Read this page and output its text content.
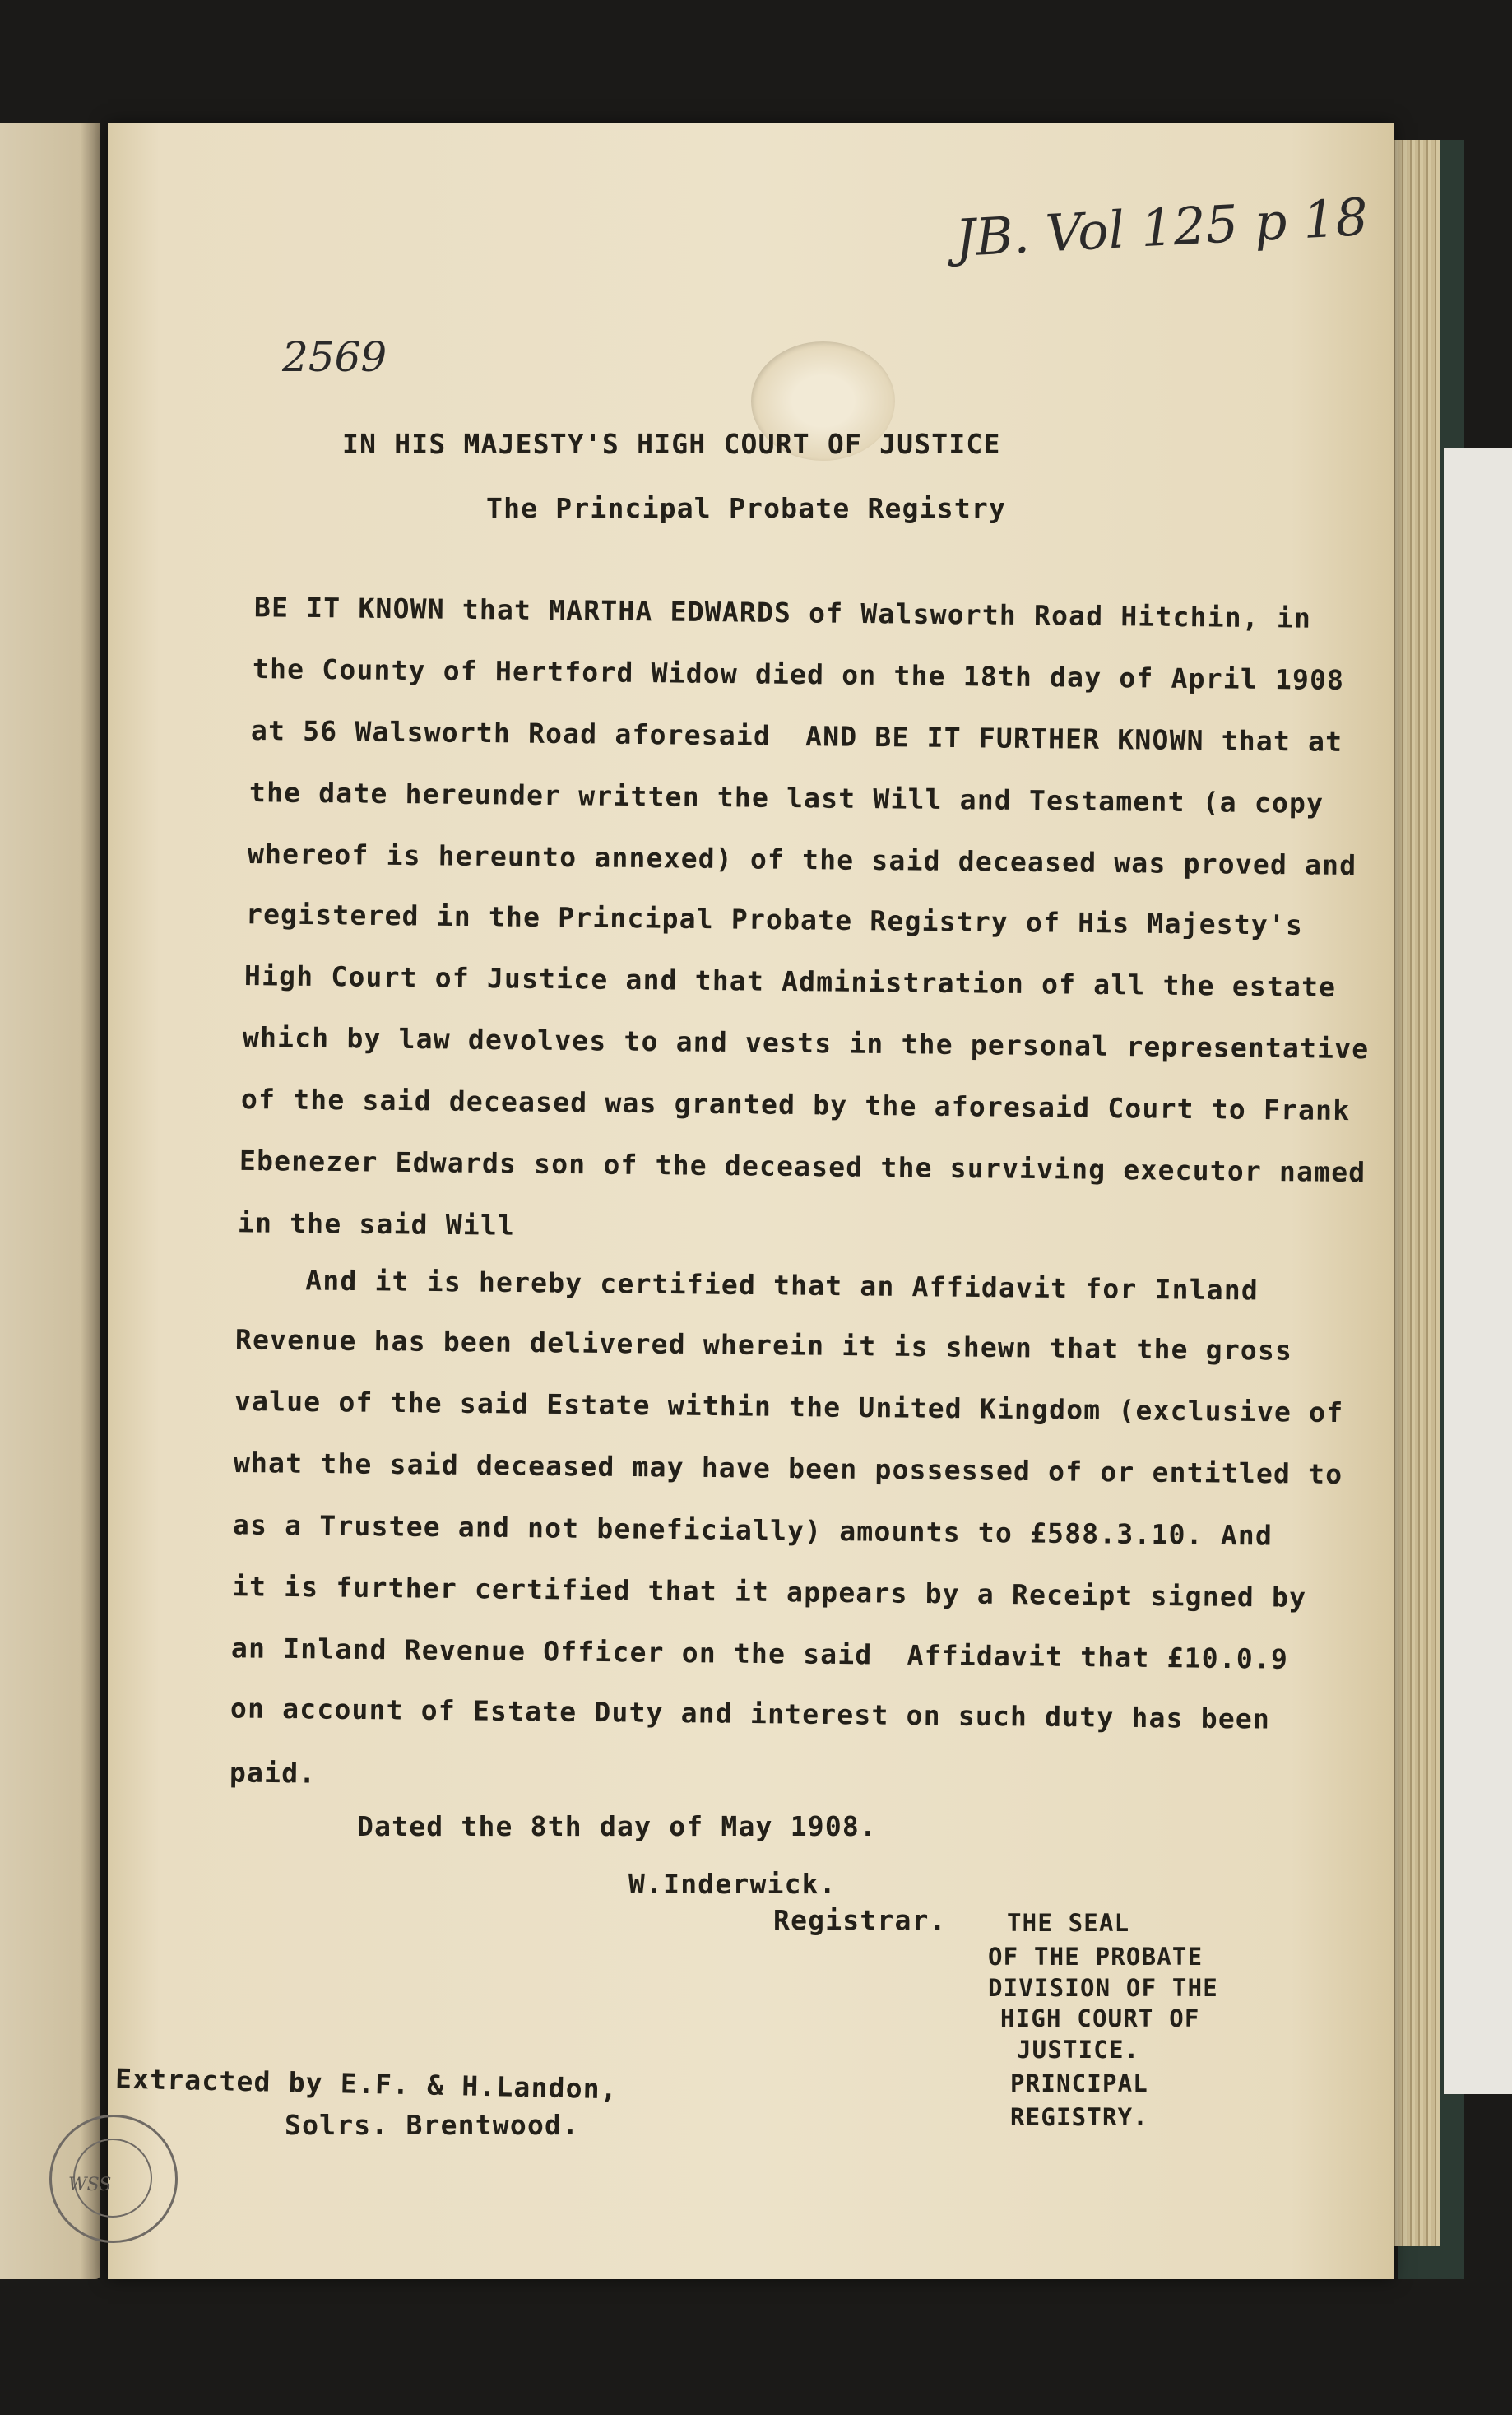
JB. Vol 125 p 18
2569
IN HIS MAJESTY'S HIGH COURT OF JUSTICE
The Principal Probate Registry
BE IT KNOWN that MARTHA EDWARDS of Walsworth Road Hitchin, in
the County of Hertford Widow died on the 18th day of April 1908
at 56 Walsworth Road aforesaid  AND BE IT FURTHER KNOWN that at
the date hereunder written the last Will and Testament (a copy
whereof is hereunto annexed) of the said deceased was proved and
registered in the Principal Probate Registry of His Majesty's
High Court of Justice and that Administration of all the estate
which by law devolves to and vests in the personal representative
of the said deceased was granted by the aforesaid Court to Frank
Ebenezer Edwards son of the deceased the surviving executor named
in the said Will
And it is hereby certified that an Affidavit for Inland
Revenue has been delivered wherein it is shewn that the gross
value of the said Estate within the United Kingdom (exclusive of
what the said deceased may have been possessed of or entitled to
as a Trustee and not beneficially) amounts to £588.3.10. And
it is further certified that it appears by a Receipt signed by
an Inland Revenue Officer on the said  Affidavit that £10.0.9
on account of Estate Duty and interest on such duty has been
paid.
Dated the 8th day of May 1908.
W.Inderwick.
Registrar.	THE SEAL
OF THE PROBATE
DIVISION OF THE
HIGH COURT OF
JUSTICE.
PRINCIPAL
REGISTRY.
Extracted by E.F. & H.Landon,
Solrs. Brentwood.
WSS
